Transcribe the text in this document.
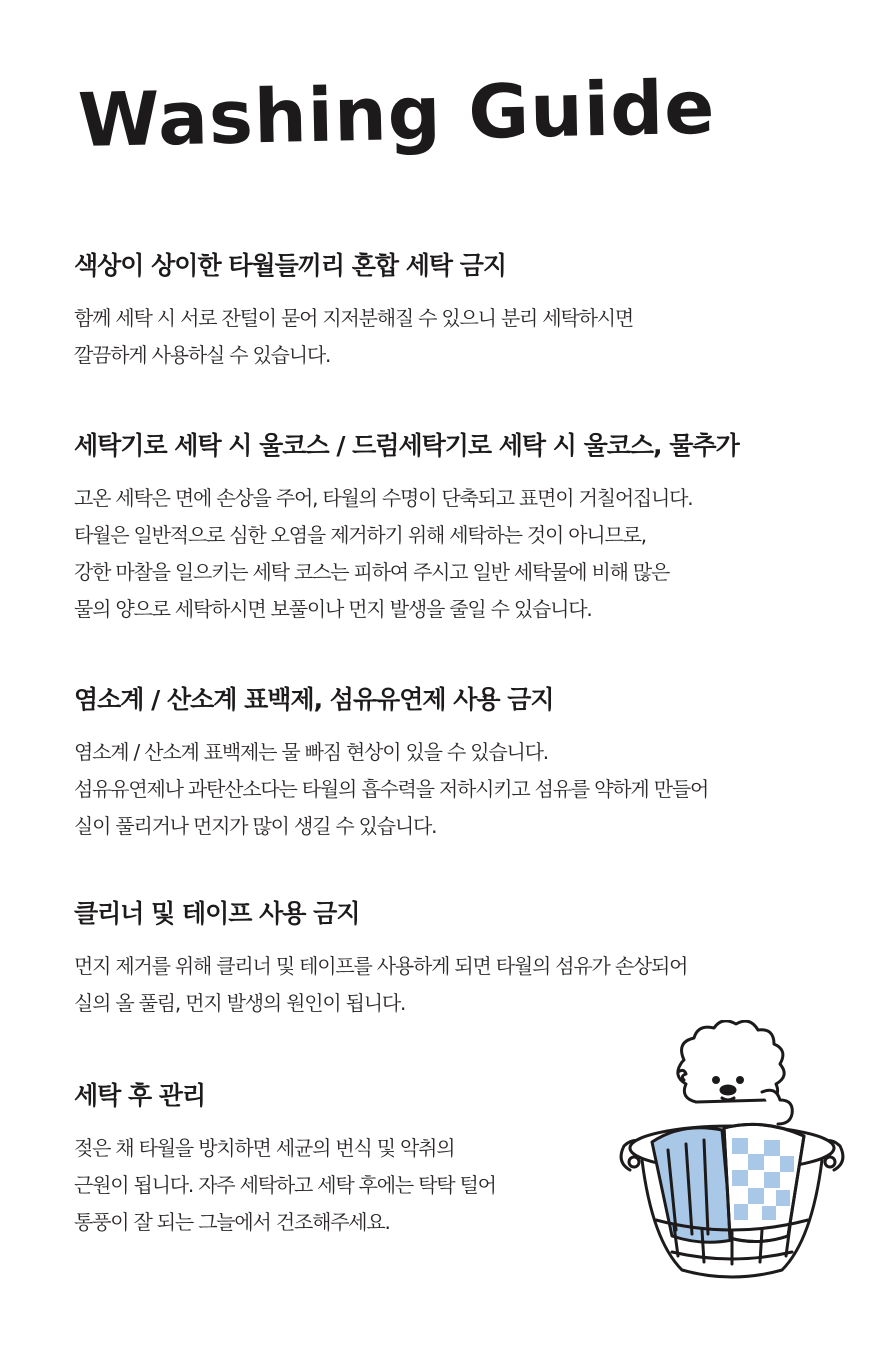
Washing Guide
색상이 상이한 타월들끼리 혼합 세탁 금지

함께 세탁 시 서로 잔털이 묻어 지저분해질 수 있으니 분리 세탁하시면
깔끔하게 사용하실 수 있습니다.

세탁기로 세탁 시 울코스 / 드럼세탁기로 세탁 시 울코스, 물추가

고온 세탁은 면에 손상을 주어, 타월의 수명이 단축되고 표면이 거칠어집니다.
타월은 일반적으로 심한 오염을 제거하기 위해 세탁하는 것이 아니므로,
강한 마찰을 일으키는 세탁 코스는 피하여 주시고 일반 세탁물에 비해 많은
물의 양으로 세탁하시면 보풀이나 먼지 발생을 줄일 수 있습니다.

염소계 / 산소계 표백제, 섬유유연제 사용 금지

염소계 / 산소계 표백제는 물 빠짐 현상이 있을 수 있습니다.
섬유유연제나 과탄산소다는 타월의 흡수력을 저하시키고 섬유를 약하게 만들어
실이 풀리거나 먼지가 많이 생길 수 있습니다.

클리너 및 테이프 사용 금지

먼지 제거를 위해 클리너 및 테이프를 사용하게 되면 타월의 섬유가 손상되어
실의 올 풀림, 먼지 발생의 원인이 됩니다.

세탁 후 관리

젖은 채 타월을 방치하면 세균의 번식 및 악취의
근원이 됩니다. 자주 세탁하고 세탁 후에는 탁탁 털어
통풍이 잘 되는 그늘에서 건조해주세요.
